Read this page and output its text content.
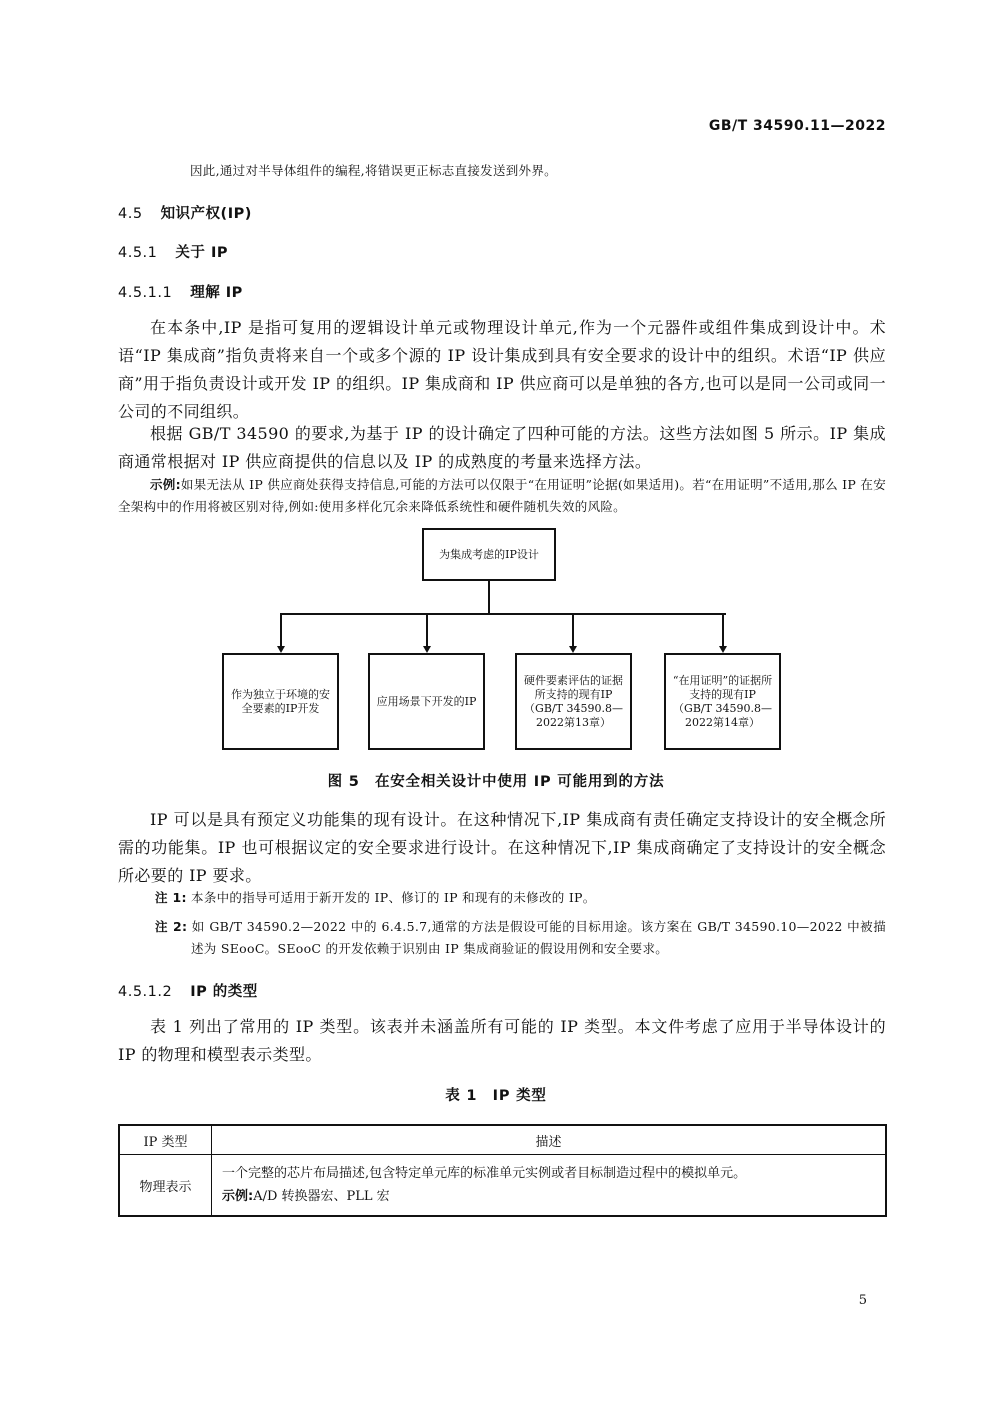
GB/T 34590.11—2022
因此,通过对半导体组件的编程,将错误更正标志直接发送到外界。
4.5 知识产权(IP)
4.5.1 关于 IP
4.5.1.1 理解 IP
在本条中,IP 是指可复用的逻辑设计单元或物理设计单元,作为一个元器件或组件集成到设计中。术语“IP 集成商”指负责将来自一个或多个源的 IP 设计集成到具有安全要求的设计中的组织。术语“IP 供应商”用于指负责设计或开发 IP 的组织。IP 集成商和 IP 供应商可以是单独的各方,也可以是同一公司或同一公司的不同组织。
根据 GB/T 34590 的要求,为基于 IP 的设计确定了四种可能的方法。这些方法如图 5 所示。IP 集成商通常根据对 IP 供应商提供的信息以及 IP 的成熟度的考量来选择方法。
示例:如果无法从 IP 供应商处获得支持信息,可能的方法可以仅限于“在用证明”论据(如果适用)。若“在用证明”不适用,那么 IP 在安全架构中的作用将被区别对待,例如:使用多样化冗余来降低系统性和硬件随机失效的风险。
为集成考虑的IP设计
作为独立于环境的安全要素的IP开发
应用场景下开发的IP
硬件要素评估的证据所支持的现有IP（GB/T 34590.8—2022第13章）
“在用证明”的证据所支持的现有IP（GB/T 34590.8—2022第14章）
图 5　在安全相关设计中使用 IP 可能用到的方法
IP 可以是具有预定义功能集的现有设计。在这种情况下,IP 集成商有责任确定支持设计的安全概念所需的功能集。IP 也可根据议定的安全要求进行设计。在这种情况下,IP 集成商确定了支持设计的安全概念所必要的 IP 要求。
注 1: 本条中的指导可适用于新开发的 IP、修订的 IP 和现有的未修改的 IP。
注 2: 如 GB/T 34590.2—2022 中的 6.4.5.7,通常的方法是假设可能的目标用途。该方案在 GB/T 34590.10—2022 中被描述为 SEooC。SEooC 的开发依赖于识别由 IP 集成商验证的假设用例和安全要求。
4.5.1.2 IP 的类型
表 1 列出了常用的 IP 类型。该表并未涵盖所有可能的 IP 类型。本文件考虑了应用于半导体设计的 IP 的物理和模型表示类型。
表 1　IP 类型
IP 类型	描述
物理表示	一个完整的芯片布局描述,包含特定单元库的标准单元实例或者目标制造过程中的模拟单元。
示例:A/D 转换器宏、PLL 宏
5
